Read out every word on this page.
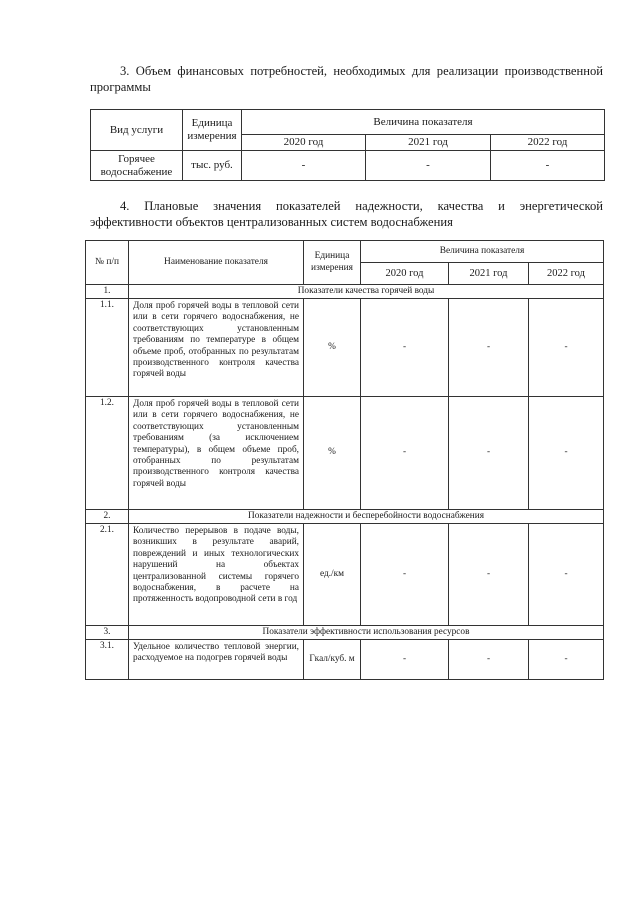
3. Объем финансовых потребностей, необходимых для реализации производственной программы
Вид услуги	Единица измерения	Величина показателя		
		2020 год	2021 год	2022 год
Горячее водоснабжение	тыс. руб.	-	-	-
4. Плановые значения показателей надежности, качества и энергетической эффективности объектов централизованных систем водоснабжения
№ п/п	Наименование показателя	Единица измерения	Величина показателя		
			2020 год	2021 год	2022 год
1.	Показатели качества горячей воды				
1.1.	Доля проб горячей воды в тепловой сети или в сети горячего водоснабжения, не соответствующих установленным требованиям по температуре в общем объеме проб, отобранных по результатам производственного контроля качества горячей воды	%	-	-	-
1.2.	Доля проб горячей воды в тепловой сети или в сети горячего водоснабжения, не соответствующих установленным требованиям (за исключением температуры), в общем объеме проб, отобранных по результатам производственного контроля качества горячей воды	%	-	-	-
2.	Показатели надежности и бесперебойности водоснабжения				
2.1.	Количество перерывов в подаче воды, возникших в результате аварий, повреждений и иных технологических нарушений на объектах централизованной системы горячего водоснабжения, в расчете на протяженность водопроводной сети в год	ед./км	-	-	-
3.	Показатели эффективности использования ресурсов				
3.1.	Удельное количество тепловой энергии, расходуемое на подогрев горячей воды	Гкал/куб. м	-	-	-
